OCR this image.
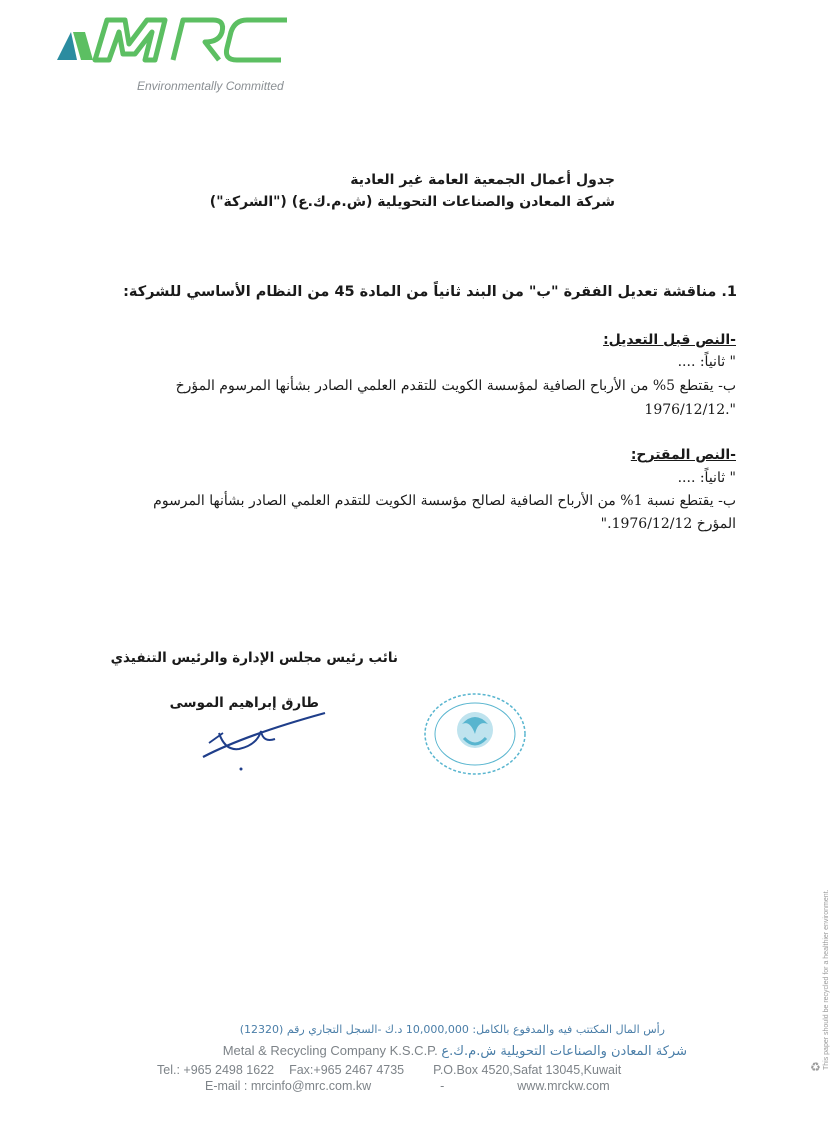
Environmentally Committed
جدول أعمال الجمعية العامة غير العادية
شركة المعادن والصناعات التحويلية (ش.م.ك.ع) ("الشركة")
1. مناقشة تعديل الفقرة "ب" من البند ثانياً من المادة 45 من النظام الأساسي للشركة:
-النص قبل التعديل:
" ثانياً: ....
ب- يقتطع 5% من الأرباح الصافية لمؤسسة الكويت للتقدم العلمي الصادر بشأنها المرسوم المؤرخ
1976/12/12."
-النص المقترح:
" ثانياً: ....
ب- يقتطع نسبة 1% من الأرباح الصافية لصالح مؤسسة الكويت للتقدم العلمي الصادر بشأنها المرسوم
المؤرخ 1976/12/12."
نائب رئيس مجلس الإدارة والرئيس التنفيذي
طارق إبراهيم الموسى
رأس المال المكتتب فيه والمدفوع بالكامل: 10,000,000 د.ك -السجل التجاري رقم (12320)
Metal & Recycling Company K.S.C.P. شركة المعادن والصناعات التحويلية ش.م.ك.ع
Tel.: +965 2498 1622 Fax:+965 2467 4735 P.O.Box 4520,Safat 13045,Kuwait
E-mail : mrcinfo@mrc.com.kw	-	www.mrckw.com
This paper should be recycled for a healthier environment.
♻
